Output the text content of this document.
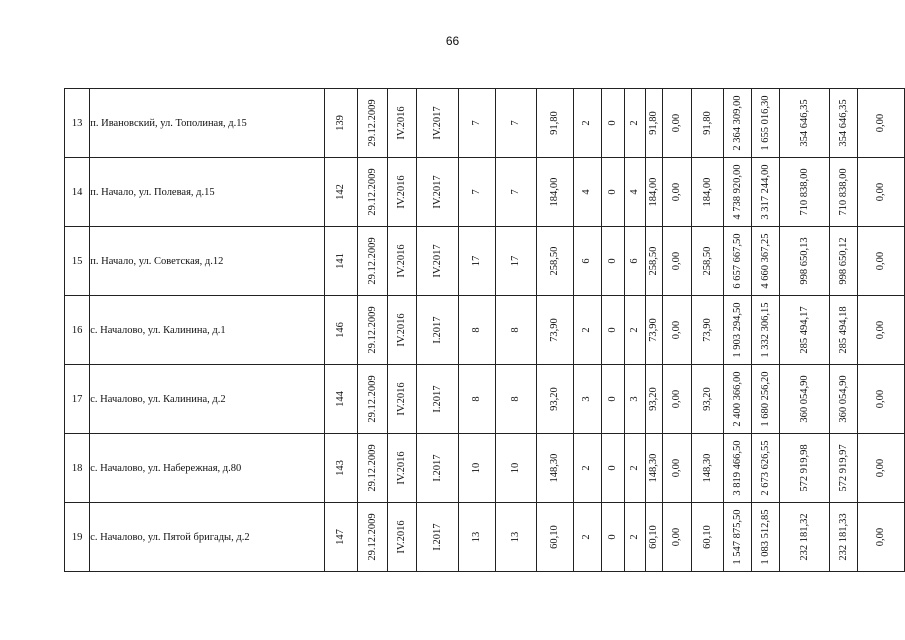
66
13	п. Ивановский, ул. Тополиная, д.15	139	29.12.2009	IV.2016	IV.2017	7	7	91,80	2	0	2	91,80	0,00	91,80	2 364 309,00	1 655 016,30	354 646,35	354 646,35	0,00

14	п. Начало, ул. Полевая, д.15	142	29.12.2009	IV.2016	IV.2017	7	7	184,00	4	0	4	184,00	0,00	184,00	4 738 920,00	3 317 244,00	710 838,00	710 838,00	0,00

15	п. Начало, ул. Советская, д.12	141	29.12.2009	IV.2016	IV.2017	17	17	258,50	6	0	6	258,50	0,00	258,50	6 657 667,50	4 660 367,25	998 650,13	998 650,12	0,00

16	с. Началово, ул. Калинина, д.1	146	29.12.2009	IV.2016	I.2017	8	8	73,90	2	0	2	73,90	0,00	73,90	1 903 294,50	1 332 306,15	285 494,17	285 494,18	0,00

17	с. Началово, ул. Калинина, д.2	144	29.12.2009	IV.2016	I.2017	8	8	93,20	3	0	3	93,20	0,00	93,20	2 400 366,00	1 680 256,20	360 054,90	360 054,90	0,00

18	с. Началово, ул. Набережная, д.80	143	29.12.2009	IV.2016	I.2017	10	10	148,30	2	0	2	148,30	0,00	148,30	3 819 466,50	2 673 626,55	572 919,98	572 919,97	0,00

19	с. Началово, ул. Пятой бригады, д.2	147	29.12.2009	IV.2016	I.2017	13	13	60,10	2	0	2	60,10	0,00	60,10	1 547 875,50	1 083 512,85	232 181,32	232 181,33	0,00
